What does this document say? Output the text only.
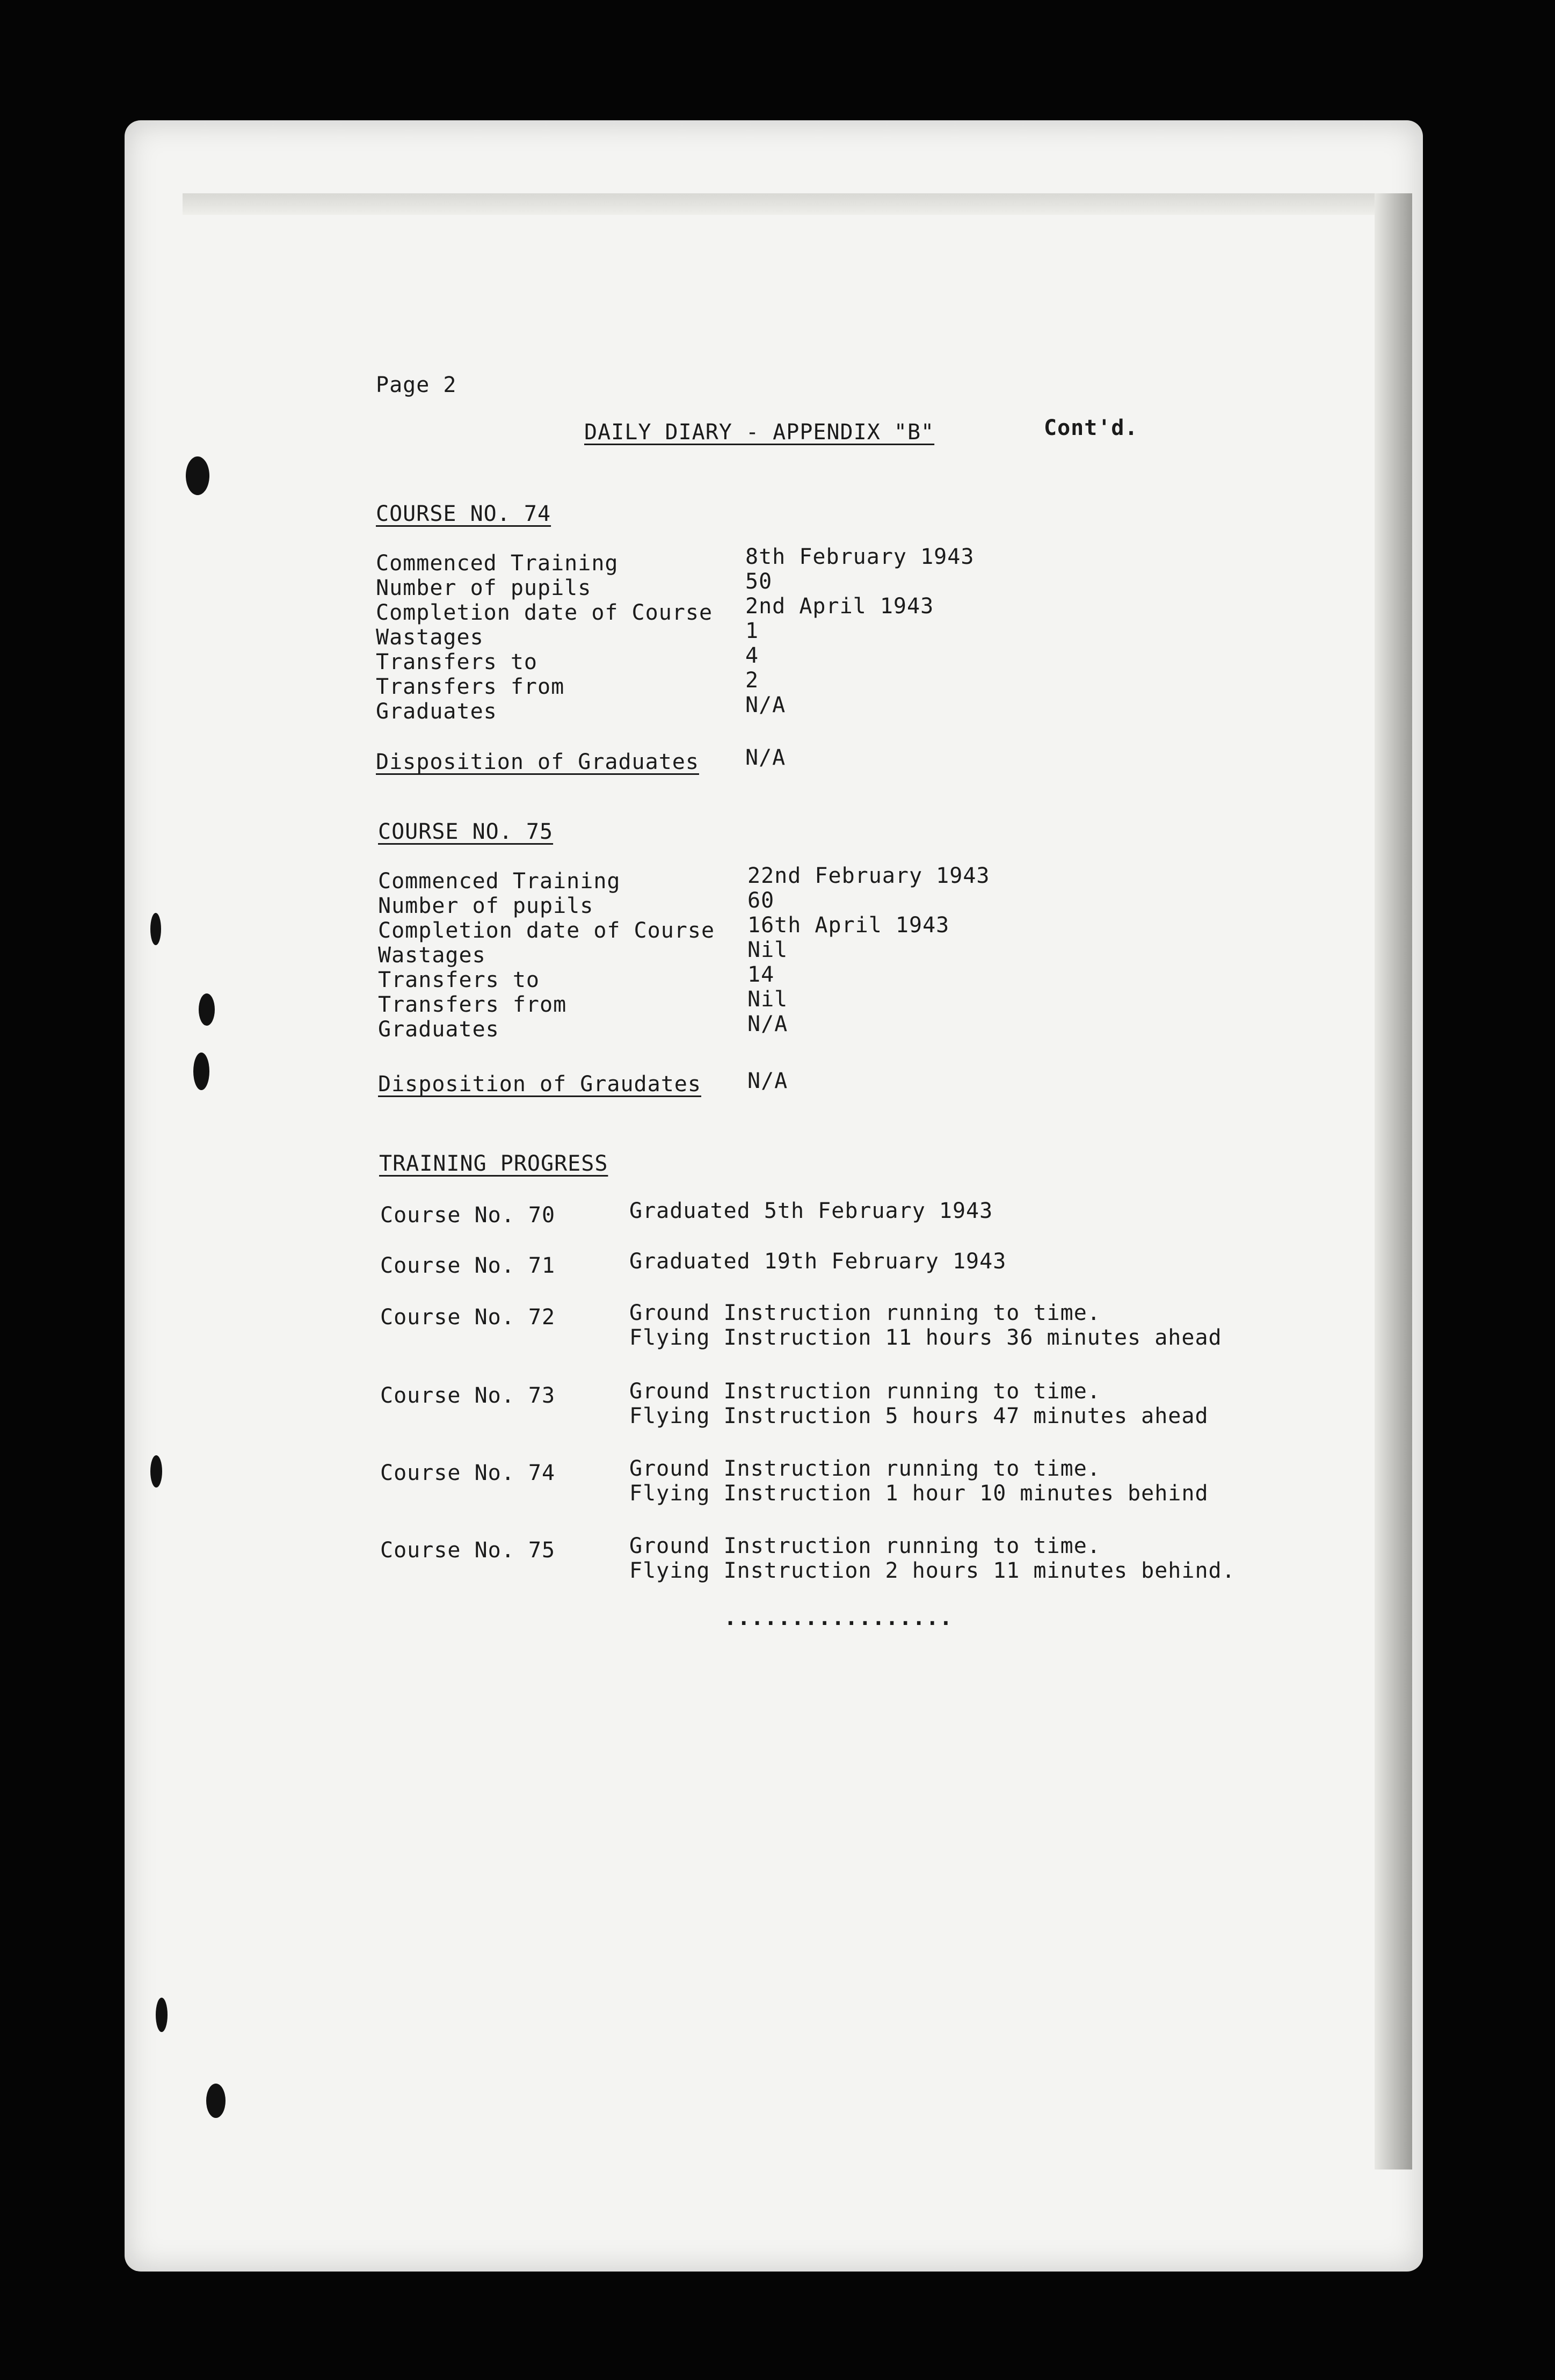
Page 2
DAILY DIARY - APPENDIX "B"	Cont'd.
COURSE NO. 74
Commenced Training	8th February 1943
Number of pupils	50
Completion date of Course 2nd April 1943
Wastages	1
Transfers to	4
Transfers from	2
Graduates	N/A
Disposition of Graduates N/A
COURSE NO. 75
Commenced Training	22nd February 1943
Number of pupils	60
Completion date of Course 16th April 1943
Wastages	Nil
Transfers to	14
Transfers from	Nil
Graduates	N/A
Disposition of Graudates N/A
TRAINING PROGRESS
Course No. 70	Graduated 5th February 1943
Course No. 71	Graduated 19th February 1943
Course No. 72	Ground Instruction running to time.
Flying Instruction 11 hours 36 minutes ahead
Course No. 73	Ground Instruction running to time.
Flying Instruction 5 hours 47 minutes ahead
Course No. 74	Ground Instruction running to time.
Flying Instruction 1 hour 10 minutes behind
Course No. 75	Ground Instruction running to time.
Flying Instruction 2 hours 11 minutes behind.
.................
